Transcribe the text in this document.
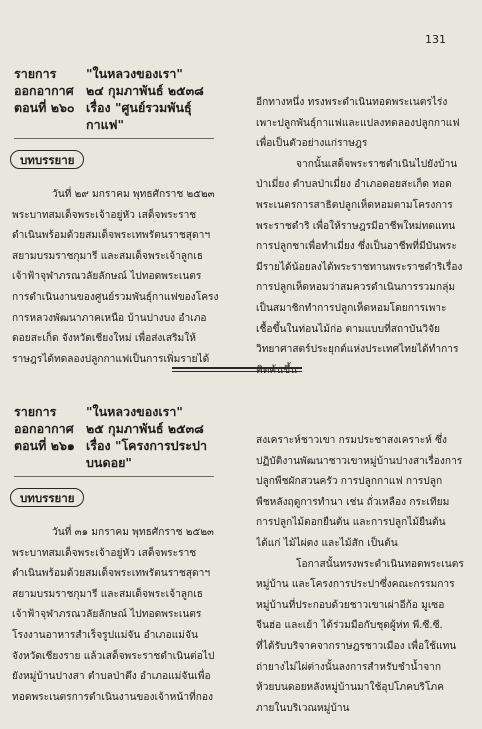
131
รายการ "ในหลวงของเรา"
ออกอากาศ ๒๔ กุมภาพันธ์ ๒๕๓๘
ตอนที่ ๒๖๐ เรื่อง "ศูนย์รวมพันธุ์
กาแฟ"
บทบรรยาย
วันที่ ๒๙ มกราคม พุทธศักราช ๒๕๒๓
พระบาทสมเด็จพระเจ้าอยู่หัว เสด็จพระราช
ดำเนินพร้อมด้วยสมเด็จพระเทพรัตนราชสุดาฯ
สยามบรมราชกุมารี และสมเด็จพระเจ้าลูกเธ
เจ้าฟ้าจุฬาภรณวลัยลักษณ์ ไปทอดพระเนตร
การดำเนินงานของศูนย์รวมพันธุ์กาแฟของโครง
การหลวงพัฒนาภาคเหนือ บ้านปางบง อำเภอ
ดอยสะเก็ด จังหวัดเชียงใหม่ เพื่อส่งเสริมให้
ราษฎรได้ทดลองปลูกกาแฟเป็นการเพิ่มรายได้
อีกทางหนึ่ง ทรงพระดำเนินทอดพระเนตรไร่ง
เพาะปลูกพันธุ์กาแฟและแปลงทดลองปลูกกาแฟ
เพื่อเป็นตัวอย่างแก่ราษฎร
จากนั้นเสด็จพระราชดำเนินไปยังบ้าน
ป่าเมี่ยง ตำบลป่าเมี่ยง อำเภอดอยสะเก็ด ทอด
พระเนตรการสาธิตปลูกเห็ดหอมตามโครงการ
พระราชดำริ เพื่อให้ราษฎรมีอาชีพใหม่ทดแทน
การปลูกชาเพื่อทำเมี่ยง ซึ่งเป็นอาชีพที่มีบันพระ
มีรายได้น้อยลงได้พระราชทานพระราชดำริเรื่อง
การปลูกเห็ดหอมว่าสมควรดำเนินการรวมกลุ่ม
เป็นสมาชิกทำการปลูกเห็ดหอมโดยการเพาะ
เชื้อขึ้นในท่อนไม้ก่อ ตามแบบที่สถาบันวิจัย
วิทยาศาสตร์ประยุกต์แห่งประเทศไทยได้ทำการ
รายการ "ในหลวงของเรา"
ออกอากาศ ๒๕ กุมภาพันธ์ ๒๕๓๘
ตอนที่ ๒๖๑ เรื่อง "โครงการประปา
บนดอย"
บทบรรยาย
วันที่ ๓๑ มกราคม พุทธศักราช ๒๕๒๓
พระบาทสมเด็จพระเจ้าอยู่หัว เสด็จพระราช
ดำเนินพร้อมด้วยสมเด็จพระเทพรัตนราชสุดาฯ
สยามบรมราชกุมารี และสมเด็จพระเจ้าลูกเธ
เจ้าฟ้าจุฬาภรณวลัยลักษณ์ ไปทอดพระเนตร
โรงงานอาหารสำเร็จรูปแม่จัน อำเภอแม่จัน
จังหวัดเชียงราย แล้วเสด็จพระราชดำเนินต่อไป
ยังหมู่บ้านปางสา ตำบลป่าตึง อำเภอแม่จันเพื่อ
ทอดพระเนตรการดำเนินงานของเจ้าหน้าที่กอง
สงเคราะห์ชาวเขา กรมประชาสงเคราะห์ ซึ่ง
ปฏิบัติงานพัฒนาชาวเขาหมู่บ้านปางสาเรื่องการ
ปลูกพืชผักสวนครัว การปลูกกาแฟ การปลูก
พืชหลังฤดูการทำนา เช่น ถั่วเหลือง กระเทียม
การปลูกไม้ดอกยืนต้น และการปลูกไม้ยืนต้น
ได้แก่ ไม้ไผ่ตง และไม้สัก เป็นต้น
โอกาสนั้นทรงพระดำเนินทอดพระเนตร
หมู่บ้าน และโครงการประปาซึ่งคณะกรรมการ
หมู่บ้านที่ประกอบด้วยชาวเขาเผ่าอีก้อ มูเซอ
จีนฮ่อ และเย้า ได้ร่วมมือกับชุดผู้ห่ท พี.ซี.ซี.
ที่ได้รับบริจาคจากราษฎรชาวเมือง เพื่อใช้แทน
ถ่ายางไม่ไผ่ต่างนั้นลงการสำหรับชำน้ำจาก
ห้วยบนดอยหลังหมู่บ้านมาใช้อุปโภคบริโภค
ภายในบริเวณหมู่บ้าน
